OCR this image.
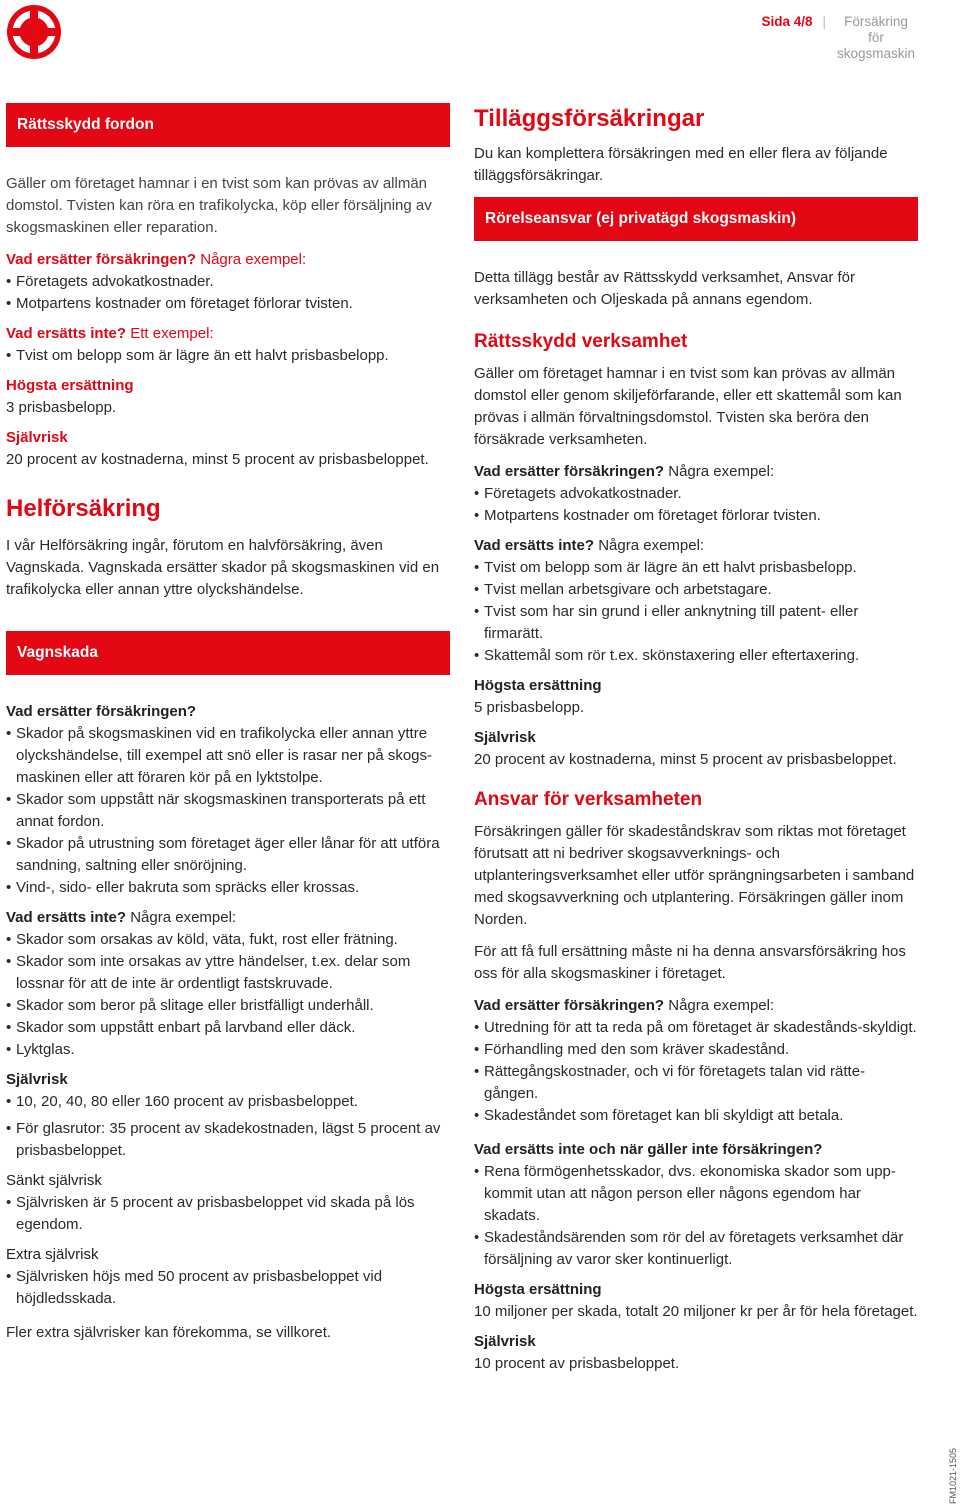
Sida 4/8 |	Försäkring för
skogsmaskin
Rättsskydd fordon

Gäller om företaget hamnar i en tvist som kan prövas av allmän domstol. Tvisten kan röra en trafikolycka, köp eller försäljning av skogsmaskinen eller reparation.

Vad ersätter försäkringen? Några exempel:
• Företagets advokatkostnader.
• Motpartens kostnader om företaget förlorar tvisten.
Vad ersätts inte? Ett exempel:
• Tvist om belopp som är lägre än ett halvt prisbasbelopp.
Högsta ersättning

3 prisbasbelopp.

Självrisk

20 procent av kostnaderna, minst 5 procent av prisbasbeloppet.

Helförsäkring

I vår Helförsäkring ingår, förutom en halvförsäkring, även Vagnskada. Vagnskada ersätter skador på skogsmaskinen vid en trafikolycka eller annan yttre olyckshändelse.

Vagnskada
Vad ersätter försäkringen?
• Skador på skogsmaskinen vid en trafikolycka eller annan yttre olyckshändelse, till exempel att snö eller is rasar ner på skogs-maskinen eller att föraren kör på en lyktstolpe.
• Skador som uppstått när skogsmaskinen transporterats på ett annat fordon.
• Skador på utrustning som företaget äger eller lånar för att utföra sandning, saltning eller snöröjning.
• Vind-, sido- eller bakruta som spräcks eller krossas.
Vad ersätts inte? Några exempel:
• Skador som orsakas av köld, väta, fukt, rost eller frätning.
• Skador som inte orsakas av yttre händelser, t.ex. delar som lossnar för att de inte är ordentligt fastskruvade.
• Skador som beror på slitage eller bristfälligt underhåll.
• Skador som uppstått enbart på larvband eller däck.
• Lyktglas.
Självrisk
• 10, 20, 40, 80 eller 160 procent av prisbasbeloppet.
• För glasrutor: 35 procent av skadekostnaden, lägst 5 procent av prisbasbeloppet.
Sänkt självrisk
• Självrisken är 5 procent av prisbasbeloppet vid skada på lös egendom.
Extra självrisk
• Självrisken höjs med 50 procent av prisbasbeloppet vid höjdledsskada.

Fler extra självrisker kan förekomma, se villkoret.

Tilläggsförsäkringar

Du kan komplettera försäkringen med en eller flera av följande tilläggsförsäkringar.

Rörelseansvar (ej privatägd skogsmaskin)

Detta tillägg består av Rättsskydd verksamhet, Ansvar för verksamheten och Oljeskada på annans egendom.

Rättsskydd verksamhet

Gäller om företaget hamnar i en tvist som kan prövas av allmän domstol eller genom skiljeförfarande, eller ett skattemål som kan prövas i allmän förvaltningsdomstol. Tvisten ska beröra den försäkrade verksamheten.

Vad ersätter försäkringen? Några exempel:
• Företagets advokatkostnader.
• Motpartens kostnader om företaget förlorar tvisten.
Vad ersätts inte? Några exempel:
• Tvist om belopp som är lägre än ett halvt prisbasbelopp.
• Tvist mellan arbetsgivare och arbetstagare.
• Tvist som har sin grund i eller anknytning till patent- eller firmarätt.
• Skattemål som rör t.ex. skönstaxering eller eftertaxering.
Högsta ersättning

5 prisbasbelopp.

Självrisk

20 procent av kostnaderna, minst 5 procent av prisbasbeloppet.

Ansvar för verksamheten

Försäkringen gäller för skadeståndskrav som riktas mot företaget förutsatt att ni bedriver skogsavverknings- och utplanteringsverksamhet eller utför sprängningsarbeten i samband med skogsavverkning och utplantering. Försäkringen gäller inom Norden.

För att få full ersättning måste ni ha denna ansvarsförsäkring hos oss för alla skogsmaskiner i företaget.

Vad ersätter försäkringen? Några exempel:
• Utredning för att ta reda på om företaget är skadestånds-skyldigt.
• Förhandling med den som kräver skadestånd.
• Rättegångskostnader, och vi för företagets talan vid rätte-gången.
• Skadeståndet som företaget kan bli skyldigt att betala.
Vad ersätts inte och när gäller inte försäkringen?
• Rena förmögenhetsskador, dvs. ekonomiska skador som upp-kommit utan att någon person eller någons egendom har skadats.
• Skadeståndsärenden som rör del av företagets verksamhet där försäljning av varor sker kontinuerligt.
Högsta ersättning

10 miljoner per skada, totalt 20 miljoner kr per år för hela företaget.

Självrisk

10 procent av prisbasbeloppet.

FM1021-1505
